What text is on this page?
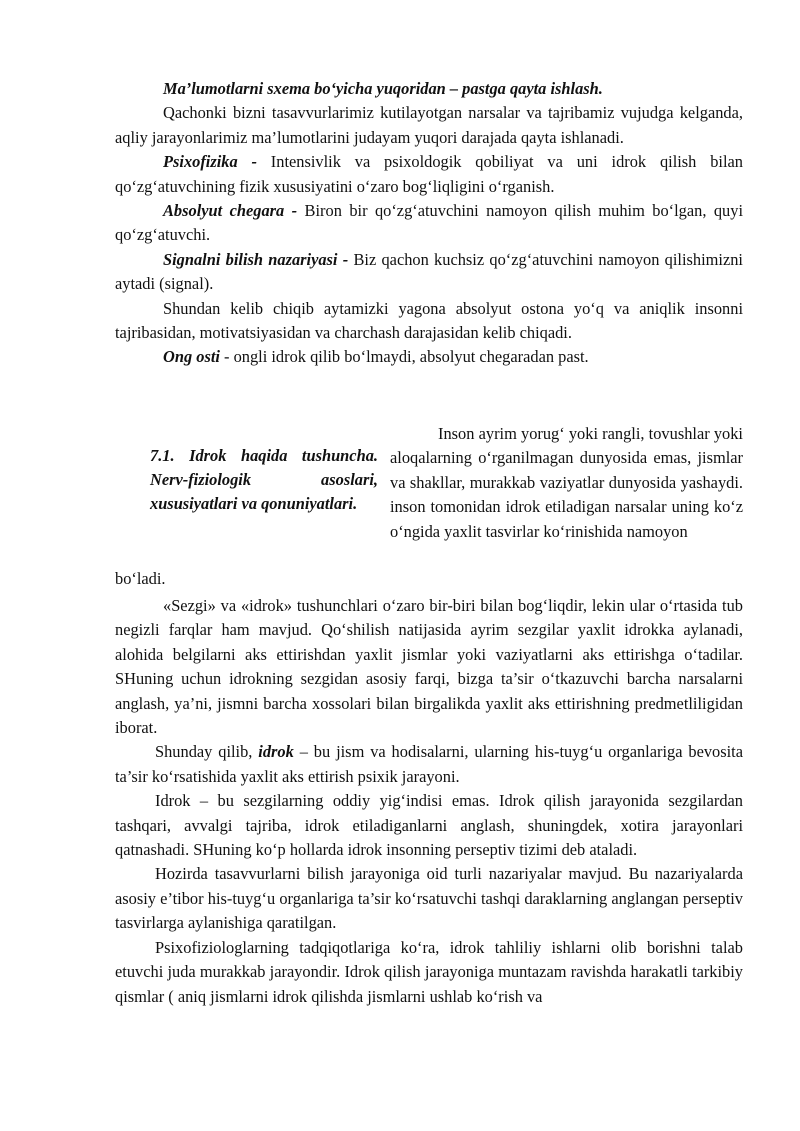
Ma’lumotlarni sxema bo‘yicha yuqoridan – pastga qayta ishlash.

Qachonki bizni tasavvurlarimiz kutilayotgan narsalar va tajribamiz vujudga kelganda, aqliy jarayonlarimiz ma’lumotlarini judayam yuqori darajada qayta ishlanadi.

Psixofizika - Intensivlik va psixoldogik qobiliyat va uni idrok qilish bilan qo‘zg‘atuvchining fizik xususiyatini o‘zaro bog‘liqligini o‘rganish.

Absolyut chegara - Biron bir qo‘zg‘atuvchini namoyon qilish muhim bo‘lgan, quyi qo‘zg‘atuvchi.

Signalni bilish nazariyasi - Biz qachon kuchsiz qo‘zg‘atuvchini namoyon qilishimizni aytadi (signal).

Shundan kelib chiqib aytamizki yagona absolyut ostona yo‘q va aniqlik insonni tajribasidan, motivatsiyasidan va charchash darajasidan kelib chiqadi.

Ong osti - ongli idrok qilib bo‘lmaydi, absolyut chegaradan past.

7.1. Idrok haqida tushuncha. Nerv-fiziologik asoslari, xususiyatlari va qonuniyatlari.
Inson ayrim yorug‘ yoki rangli, tovushlar yoki aloqalarning o‘rganilmagan dunyosida emas, jismlar va shakllar, murakkab vaziyatlar dunyosida yashaydi. inson tomonidan idrok etiladigan narsalar uning ko‘z o‘ngida yaxlit tasvirlar ko‘rinishida namoyon
bo‘ladi.

«Sezgi» va «idrok» tushunchlari o‘zaro bir-biri bilan bog‘liqdir, lekin ular o‘rtasida tub negizli farqlar ham mavjud. Qo‘shilish natijasida ayrim sezgilar yaxlit idrokka aylanadi, alohida belgilarni aks ettirishdan yaxlit jismlar yoki vaziyatlarni aks ettirishga o‘tadilar. SHuning uchun idrokning sezgidan asosiy farqi, bizga ta’sir o‘tkazuvchi barcha narsalarni anglash, ya’ni, jismni barcha xossolari bilan birgalikda yaxlit aks ettirishning predmetliligidan iborat.

Shunday qilib, idrok – bu jism va hodisalarni, ularning his-tuyg‘u organlariga bevosita ta’sir ko‘rsatishida yaxlit aks ettirish psixik jarayoni.

Idrok – bu sezgilarning oddiy yig‘indisi emas. Idrok qilish jarayonida sezgilardan tashqari, avvalgi tajriba, idrok etiladiganlarni anglash, shuningdek, xotira jarayonlari qatnashadi. SHuning ko‘p hollarda idrok insonning perseptiv tizimi deb ataladi.

Hozirda tasavvurlarni bilish jarayoniga oid turli nazariyalar mavjud. Bu nazariyalarda asosiy e’tibor his-tuyg‘u organlariga ta’sir ko‘rsatuvchi tashqi daraklarning anglangan perseptiv tasvirlarga aylanishiga qaratilgan.

Psixofiziologlarning tadqiqotlariga ko‘ra, idrok tahliliy ishlarni olib borishni talab etuvchi juda murakkab jarayondir. Idrok qilish jarayoniga muntazam ravishda harakatli tarkibiy qismlar ( aniq jismlarni idrok qilishda jismlarni ushlab ko‘rish va
